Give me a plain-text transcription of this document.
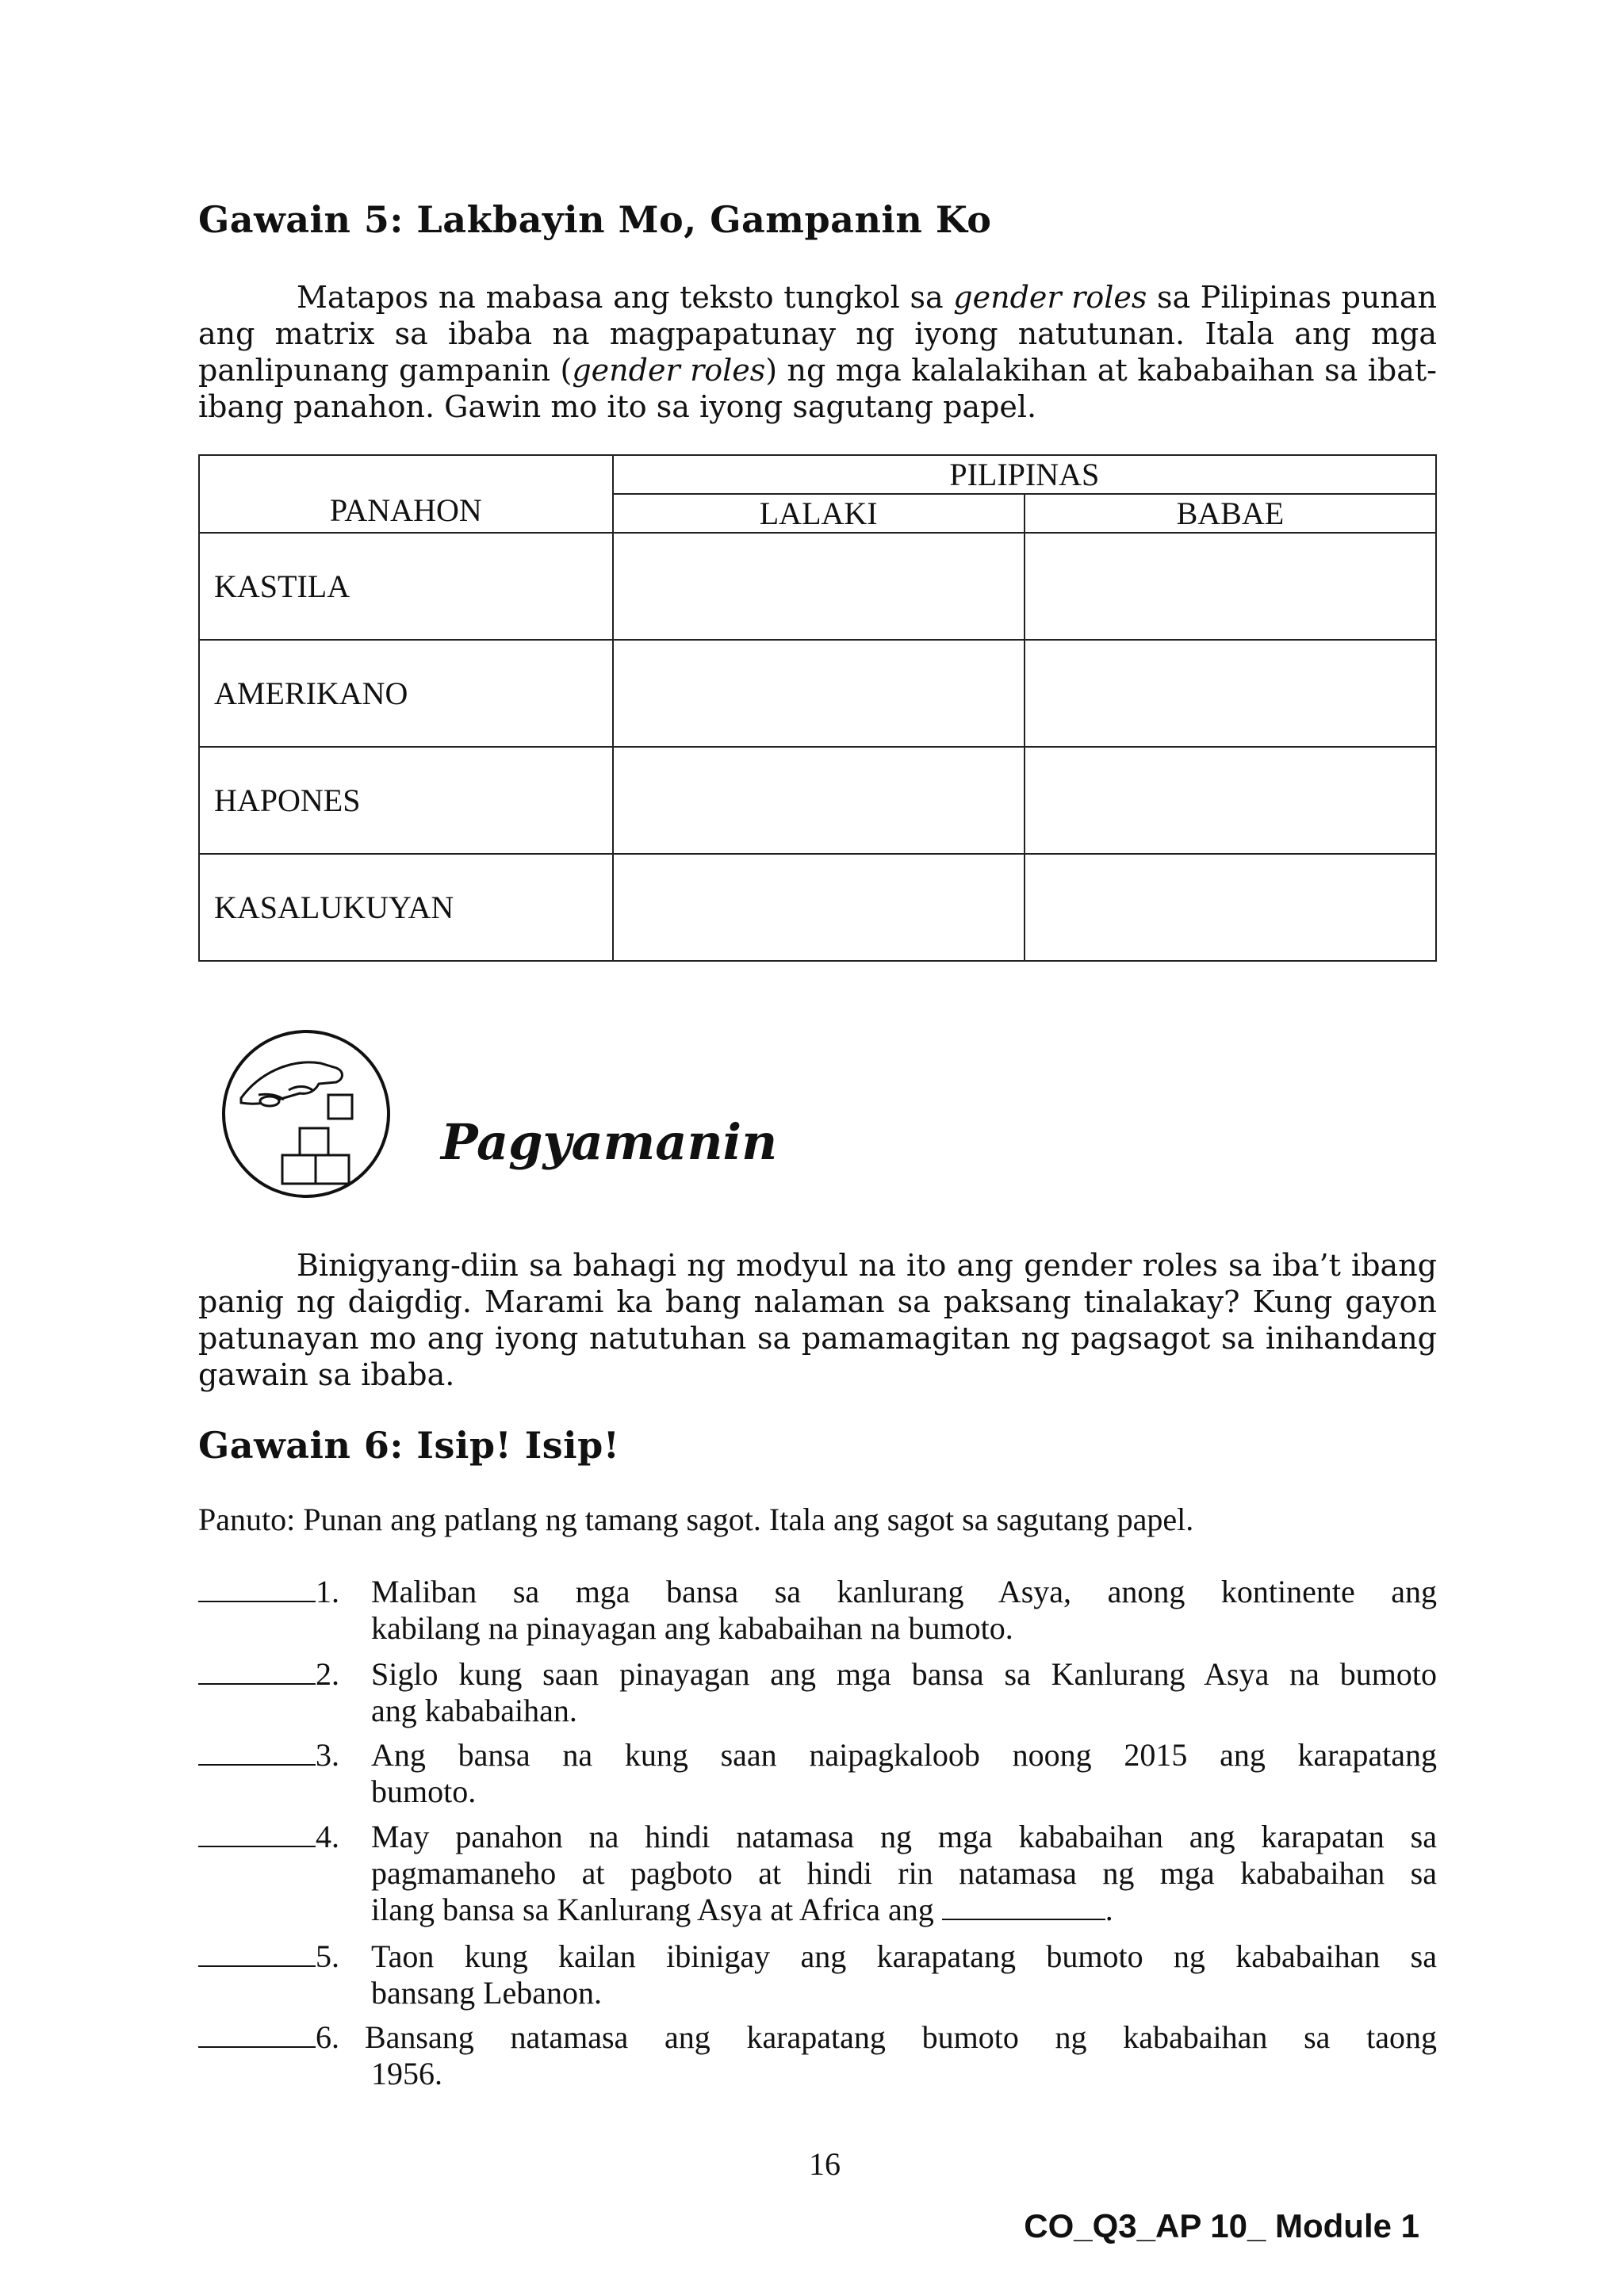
Gawain 5: Lakbayin Mo, Gampanin Ko
Matapos na mabasa ang teksto tungkol sa gender roles sa Pilipinas punan
ang matrix sa ibaba na magpapatunay ng iyong natutunan. Itala ang mga
panlipunang gampanin (gender roles) ng mga kalalakihan at kababaihan sa ibat-
ibang panahon. Gawin mo ito sa iyong sagutang papel.
PANAHON	PILIPINAS	
	LALAKI	BABAE
KASTILA		
AMERIKANO		
HAPONES		
KASALUKUYAN		
Pagyamanin
Binigyang-diin sa bahagi ng modyul na ito ang gender roles sa iba’t ibang
panig ng daigdig. Marami ka bang nalaman sa paksang tinalakay? Kung gayon
patunayan mo ang iyong natutuhan sa pamamagitan ng pagsagot sa inihandang
gawain sa ibaba.
Gawain 6: Isip! Isip!
Panuto: Punan ang patlang ng tamang sagot. Itala ang sagot sa sagutang papel.
1. Maliban sa mga bansa sa kanlurang Asya, anong kontinente ang
kabilang na pinayagan ang kababaihan na bumoto.
2. Siglo kung saan pinayagan ang mga bansa sa Kanlurang Asya na bumoto
ang kababaihan.
3. Ang bansa na kung saan naipagkaloob noong 2015 ang karapatang
bumoto.
4. May panahon na hindi natamasa ng mga kababaihan ang karapatan sa
pagmamaneho at pagboto at hindi rin natamasa ng mga kababaihan sa
ilang bansa sa Kanlurang Asya at Africa ang	.
5. Taon kung kailan ibinigay ang karapatang bumoto ng kababaihan sa
bansang Lebanon.
6. Bansang natamasa ang karapatang bumoto ng kababaihan sa taong
1956.
16
CO_Q3_AP 10_ Module 1
